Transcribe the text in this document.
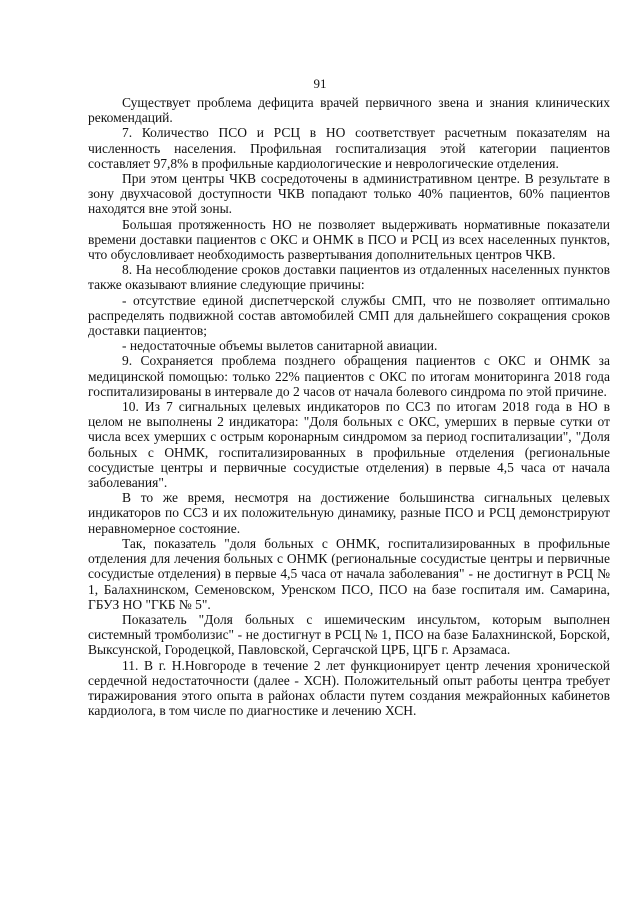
91

Существует проблема дефицита врачей первичного звена и знания клинических рекомендаций.

7. Количество ПСО и РСЦ в НО соответствует расчетным показателям на численность населения. Профильная госпитализация этой категории пациентов составляет 97,8% в профильные кардиологические и неврологические отделения.

При этом центры ЧКВ сосредоточены в административном центре. В результате в зону двухчасовой доступности ЧКВ попадают только 40% пациентов, 60% пациентов находятся вне этой зоны.

Большая протяженность НО не позволяет выдерживать нормативные показатели времени доставки пациентов с ОКС и ОНМК в ПСО и РСЦ из всех населенных пунктов, что обусловливает необходимость развертывания дополнительных центров ЧКВ.

8. На несоблюдение сроков доставки пациентов из отдаленных населенных пунктов также оказывают влияние следующие причины:

- отсутствие единой диспетчерской службы СМП, что не позволяет оптимально распределять подвижной состав автомобилей СМП для дальнейшего сокращения сроков доставки пациентов;

- недостаточные объемы вылетов санитарной авиации.

9. Сохраняется проблема позднего обращения пациентов с ОКС и ОНМК за медицинской помощью: только 22% пациентов с ОКС по итогам мониторинга 2018 года госпитализированы в интервале до 2 часов от начала болевого синдрома по этой причине.

10. Из 7 сигнальных целевых индикаторов по ССЗ по итогам 2018 года в НО в целом не выполнены 2 индикатора: "Доля больных с ОКС, умерших в первые сутки от числа всех умерших с острым коронарным синдромом за период госпитализации", "Доля больных с ОНМК, госпитализированных в профильные отделения (региональные сосудистые центры и первичные сосудистые отделения) в первые 4,5 часа от начала заболевания".

В то же время, несмотря на достижение большинства сигнальных целевых индикаторов по ССЗ и их положительную динамику, разные ПСО и РСЦ демонстрируют неравномерное состояние.

Так, показатель "доля больных с ОНМК, госпитализированных в профильные отделения для лечения больных с ОНМК (региональные сосудистые центры и первичные сосудистые отделения) в первые 4,5 часа от начала заболевания" - не достигнут в РСЦ № 1, Балахнинском, Семеновском, Уренском ПСО, ПСО на базе госпиталя им. Самарина, ГБУЗ НО "ГКБ № 5".

Показатель "Доля больных с ишемическим инсультом, которым выполнен системный тромболизис" - не достигнут в РСЦ № 1, ПСО на базе Балахнинской, Борской, Выксунской, Городецкой, Павловской, Сергачской ЦРБ, ЦГБ г. Арзамаса.

11. В г. Н.Новгороде в течение 2 лет функционирует центр лечения хронической сердечной недостаточности (далее - ХСН). Положительный опыт работы центра требует тиражирования этого опыта в районах области путем создания межрайонных кабинетов кардиолога, в том числе по диагностике и лечению ХСН.
